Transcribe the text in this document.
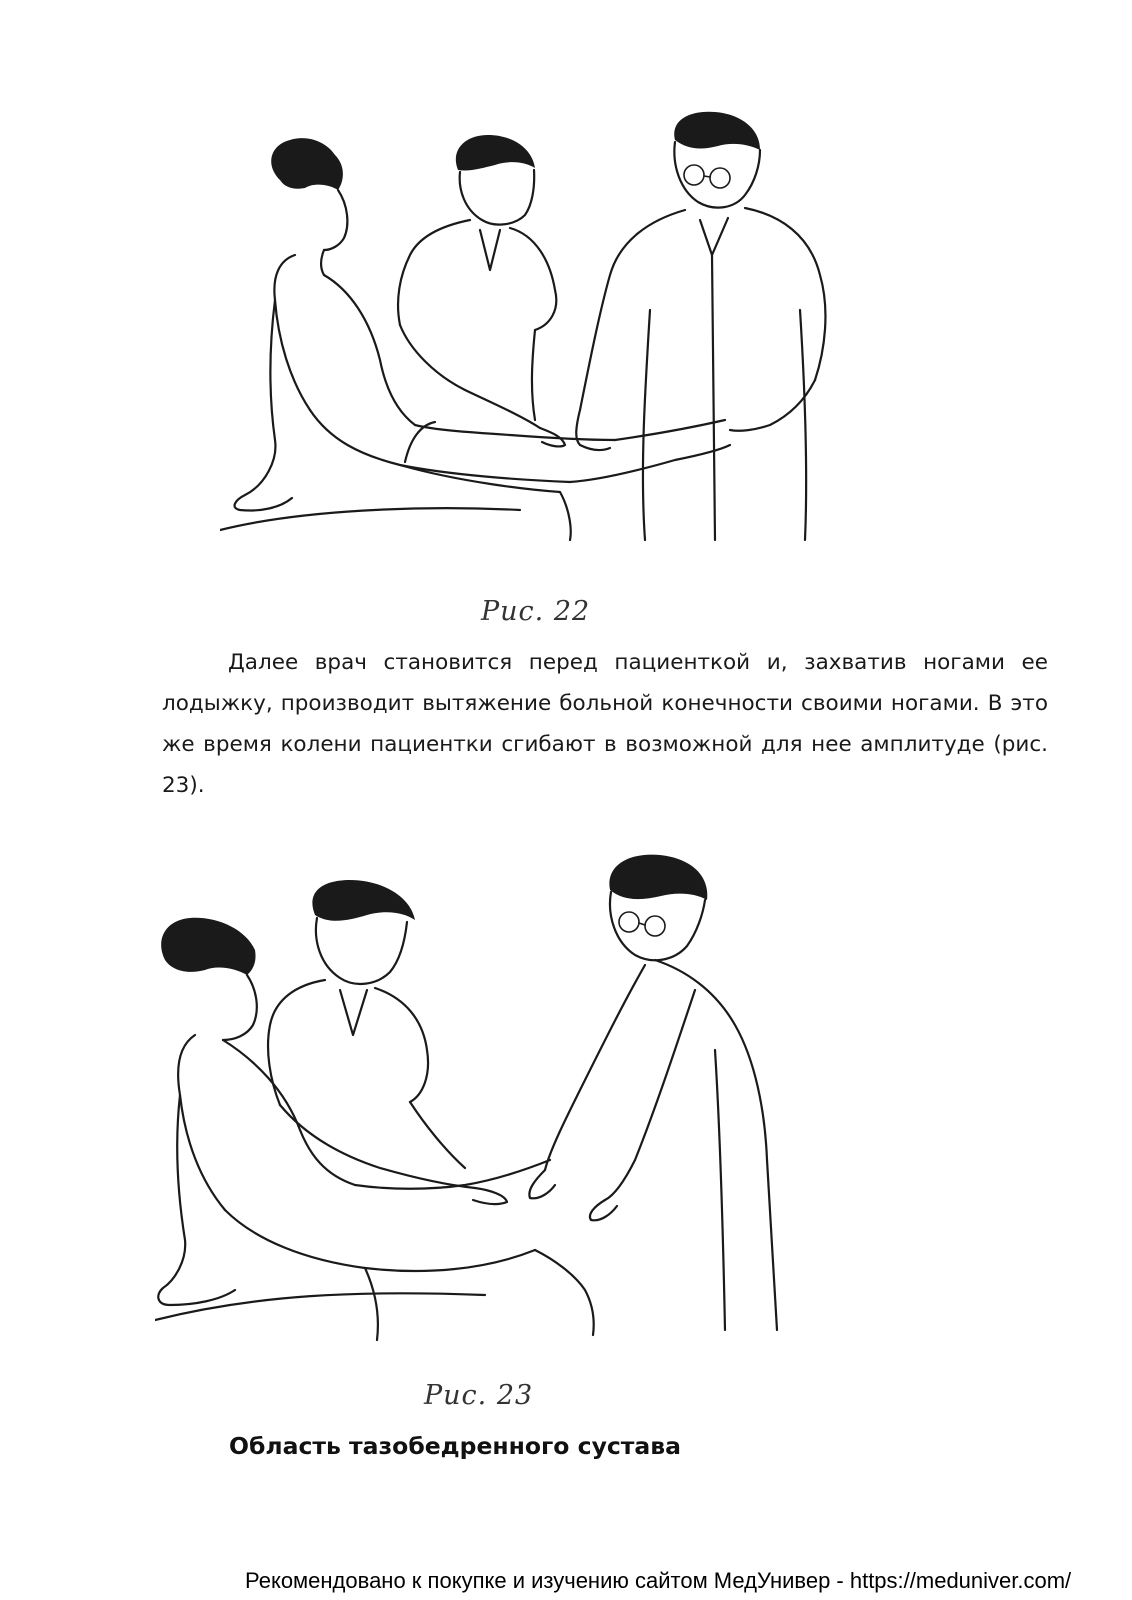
Рис. 22

Далее врач становится перед пациенткой и, захватив ногами ее лодыжку, производит вытяжение больной конечности своими ногами. В это же время колени пациентки сгибают в возможной для нее амплитуде (рис. 23).

Рис. 23
Область тазобедренного сустава
Рекомендовано к покупке и изучению сайтом МедУнивер - https://meduniver.com/
